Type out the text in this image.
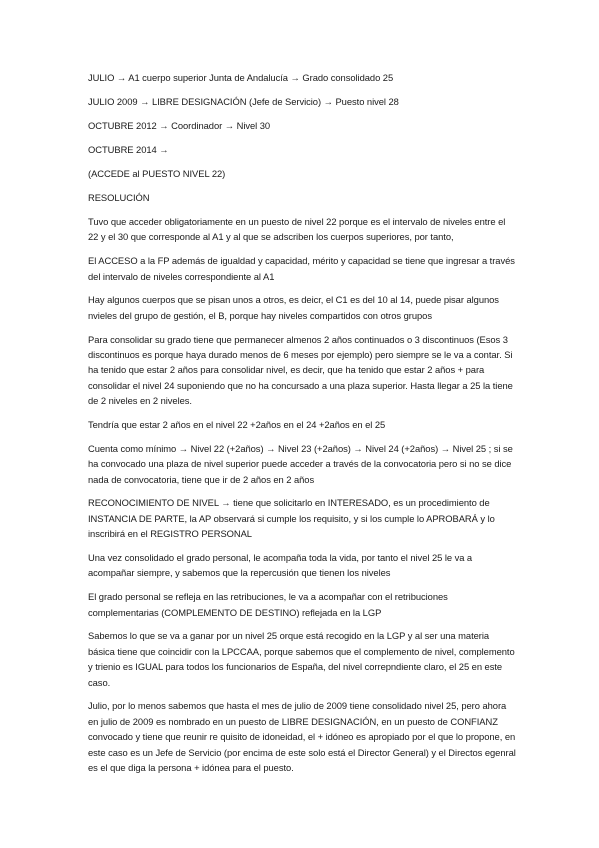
JULIO → A1 cuerpo superior Junta de Andalucía → Grado consolidado 25

JULIO 2009 → LIBRE DESIGNACIÓN (Jefe de Servicio) → Puesto nivel 28

OCTUBRE 2012 → Coordinador → Nivel 30

OCTUBRE 2014 →

(ACCEDE al PUESTO NIVEL 22)

RESOLUCIÓN

Tuvo que acceder obligatoriamente en un puesto de nivel 22 porque es el intervalo de niveles entre el 22 y el 30 que corresponde al A1 y al que se adscriben los cuerpos superiores, por tanto,

El ACCESO a la FP además de igualdad y capacidad, mérito y capacidad se tiene que ingresar a través del intervalo de niveles correspondiente al A1

Hay algunos cuerpos que se pisan unos a otros, es deicr, el C1 es del 10 al 14, puede pisar algunos nvieles del grupo de gestión, el B, porque hay niveles compartidos con otros grupos

Para consolidar su grado tiene que permanecer almenos 2 años continuados o 3 discontinuos (Esos 3 discontinuos es porque haya durado menos de 6 meses por ejemplo) pero siempre se le va a contar. Si ha tenido que estar 2 años para consolidar nivel, es decir, que ha tenido que estar 2 años + para consolidar el nivel 24 suponiendo que no ha concursado a una plaza superior. Hasta llegar a 25 la tiene de 2 niveles en 2 niveles.

Tendría que estar 2 años en el nivel 22 +2años en el 24 +2años en el 25

Cuenta como mínimo → Nivel 22 (+2años) → Nivel 23 (+2años) → Nivel 24 (+2años) → Nivel 25 ; si se ha convocado una plaza de nivel superior puede acceder a través de la convocatoria pero si no se dice nada de convocatoria, tiene que ir de 2 años en 2 años

RECONOCIMIENTO DE NIVEL → tiene que solicitarlo en INTERESADO, es un procedimiento de INSTANCIA DE PARTE, la AP observará si cumple los requisito, y si los cumple lo APROBARÁ y lo inscribirá en el REGISTRO PERSONAL

Una vez consolidado el grado personal, le acompaña toda la vida, por tanto el nivel 25 le va a acompañar siempre, y sabemos que la repercusión que tienen los niveles

El grado personal se refleja en las retribuciones, le va a acompañar con el retribuciones complementarias (COMPLEMENTO DE DESTINO) reflejada en la LGP

Sabemos lo que se va a ganar por un nivel 25 orque está recogido en la LGP y al ser una materia básica tiene que coincidir con la LPCCAA, porque sabemos que el complemento de nivel, complemento y trienio es IGUAL para todos los funcionarios de España, del nivel correpndiente claro, el 25 en este caso.

Julio, por lo menos sabemos que hasta el mes de julio de 2009 tiene consolidado nivel 25, pero ahora en julio de 2009 es nombrado en un puesto de LIBRE DESIGNACIÓN, en un puesto de CONFIANZ convocado y tiene que reunir re quisito de idoneidad, el + idóneo es apropiado por el que lo propone, en este caso es un Jefe de Servicio (por encima de este solo está el Director General) y el Directos egenral es el que diga la persona + idónea para el puesto.
